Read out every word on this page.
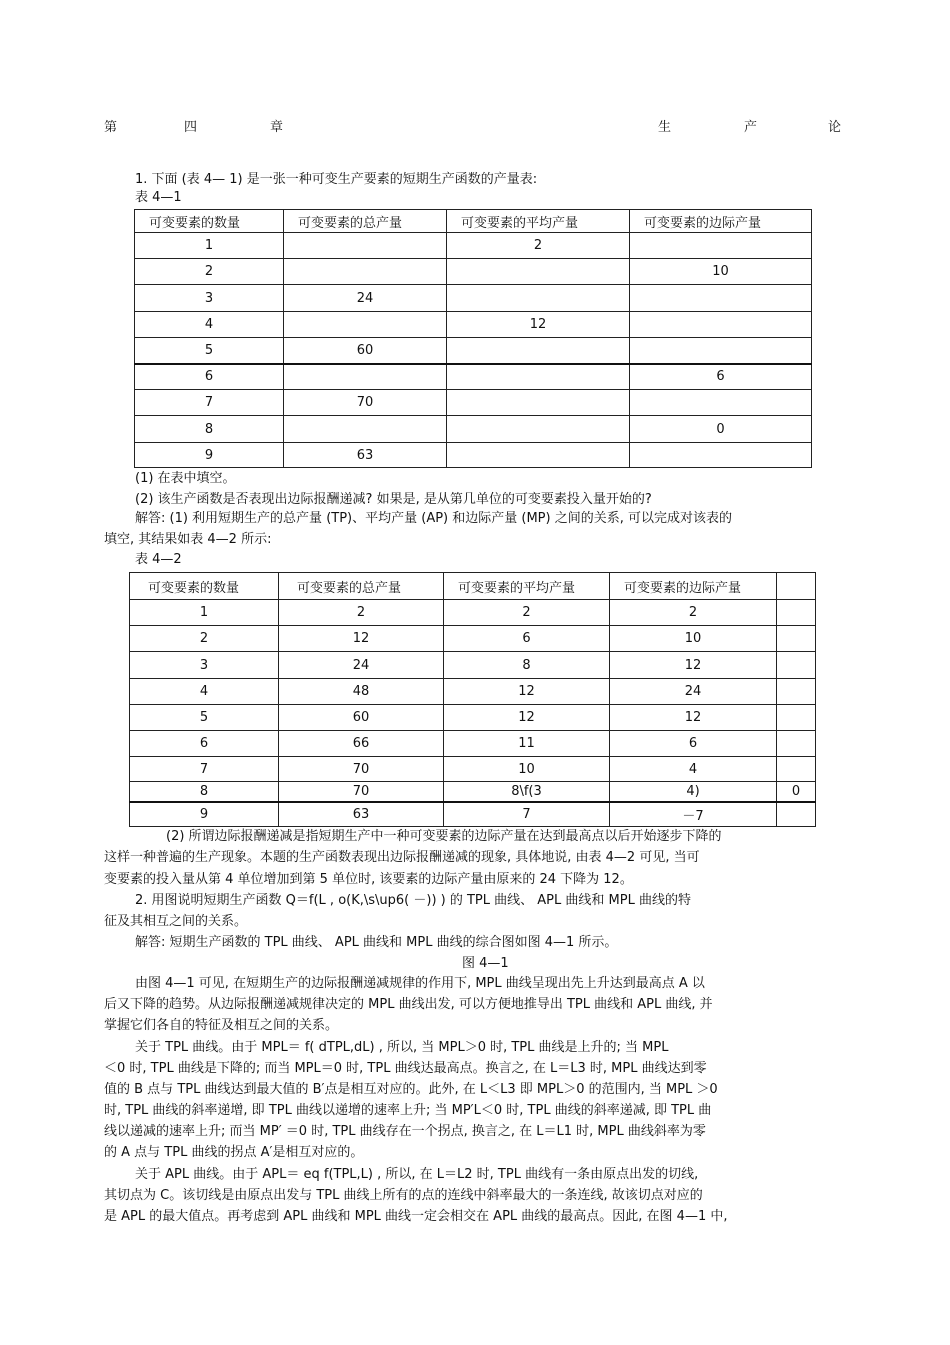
第	四	章	生	产	论
1. 下面 (表 4— 1) 是一张一种可变生产要素的短期生产函数的产量表:
表 4—1
可变要素的数量	可变要素的总产量	可变要素的平均产量	可变要素的边际产量
1		2	
2			10
3	24		
4		12	
5	60		
6			6
7	70		
8			0
9	63		
(1) 在表中填空。
(2) 该生产函数是否表现出边际报酬递减? 如果是, 是从第几单位的可变要素投入量开始的?
解答: (1) 利用短期生产的总产量 (TP)、平均产量 (AP) 和边际产量 (MP) 之间的关系, 可以完成对该表的
填空, 其结果如表 4—2 所示:
表 4—2
可变要素的数量	可变要素的总产量	可变要素的平均产量	可变要素的边际产量	
1	2	2	2	
2	12	6	10	
3	24	8	12	
4	48	12	24	
5	60	12	12	
6	66	11	6	
7	70	10	4	
8	70	8\f(3	4)	0
9	63	7	－7	
(2) 所谓边际报酬递减是指短期生产中一种可变要素的边际产量在达到最高点以后开始逐步下降的
这样一种普遍的生产现象。本题的生产函数表现出边际报酬递减的现象, 具体地说, 由表 4—2 可见, 当可
变要素的投入量从第 4 单位增加到第 5 单位时, 该要素的边际产量由原来的 24 下降为 12。
2. 用图说明短期生产函数 Q＝f(L , o(K,\s\up6( －)) ) 的 TPL 曲线、 APL 曲线和 MPL 曲线的特
征及其相互之间的关系。
解答: 短期生产函数的 TPL 曲线、 APL 曲线和 MPL 曲线的综合图如图 4—1 所示。
图 4—1
由图 4—1 可见, 在短期生产的边际报酬递减规律的作用下, MPL 曲线呈现出先上升达到最高点 A 以
后又下降的趋势。从边际报酬递减规律决定的 MPL 曲线出发, 可以方便地推导出 TPL 曲线和 APL 曲线, 并
掌握它们各自的特征及相互之间的关系。
关于 TPL 曲线。由于 MPL＝ f( dTPL,dL) , 所以, 当 MPL＞0 时, TPL 曲线是上升的; 当 MPL
＜0 时, TPL 曲线是下降的; 而当 MPL＝0 时, TPL 曲线达最高点。换言之, 在 L＝L3 时, MPL 曲线达到零
值的 B 点与 TPL 曲线达到最大值的 B′点是相互对应的。此外, 在 L＜L3 即 MPL＞0 的范围内, 当 MPL ＞0
时, TPL 曲线的斜率递增, 即 TPL 曲线以递增的速率上升; 当 MP′L＜0 时, TPL 曲线的斜率递减, 即 TPL 曲
线以递减的速率上升; 而当 MP′ ＝0 时, TPL 曲线存在一个拐点, 换言之, 在 L＝L1 时, MPL 曲线斜率为零
的 A 点与 TPL 曲线的拐点 A′是相互对应的。
关于 APL 曲线。由于 APL＝ eq f(TPL,L) , 所以, 在 L＝L2 时, TPL 曲线有一条由原点出发的切线,
其切点为 C。该切线是由原点出发与 TPL 曲线上所有的点的连线中斜率最大的一条连线, 故该切点对应的
是 APL 的最大值点。再考虑到 APL 曲线和 MPL 曲线一定会相交在 APL 曲线的最高点。因此, 在图 4—1 中,
